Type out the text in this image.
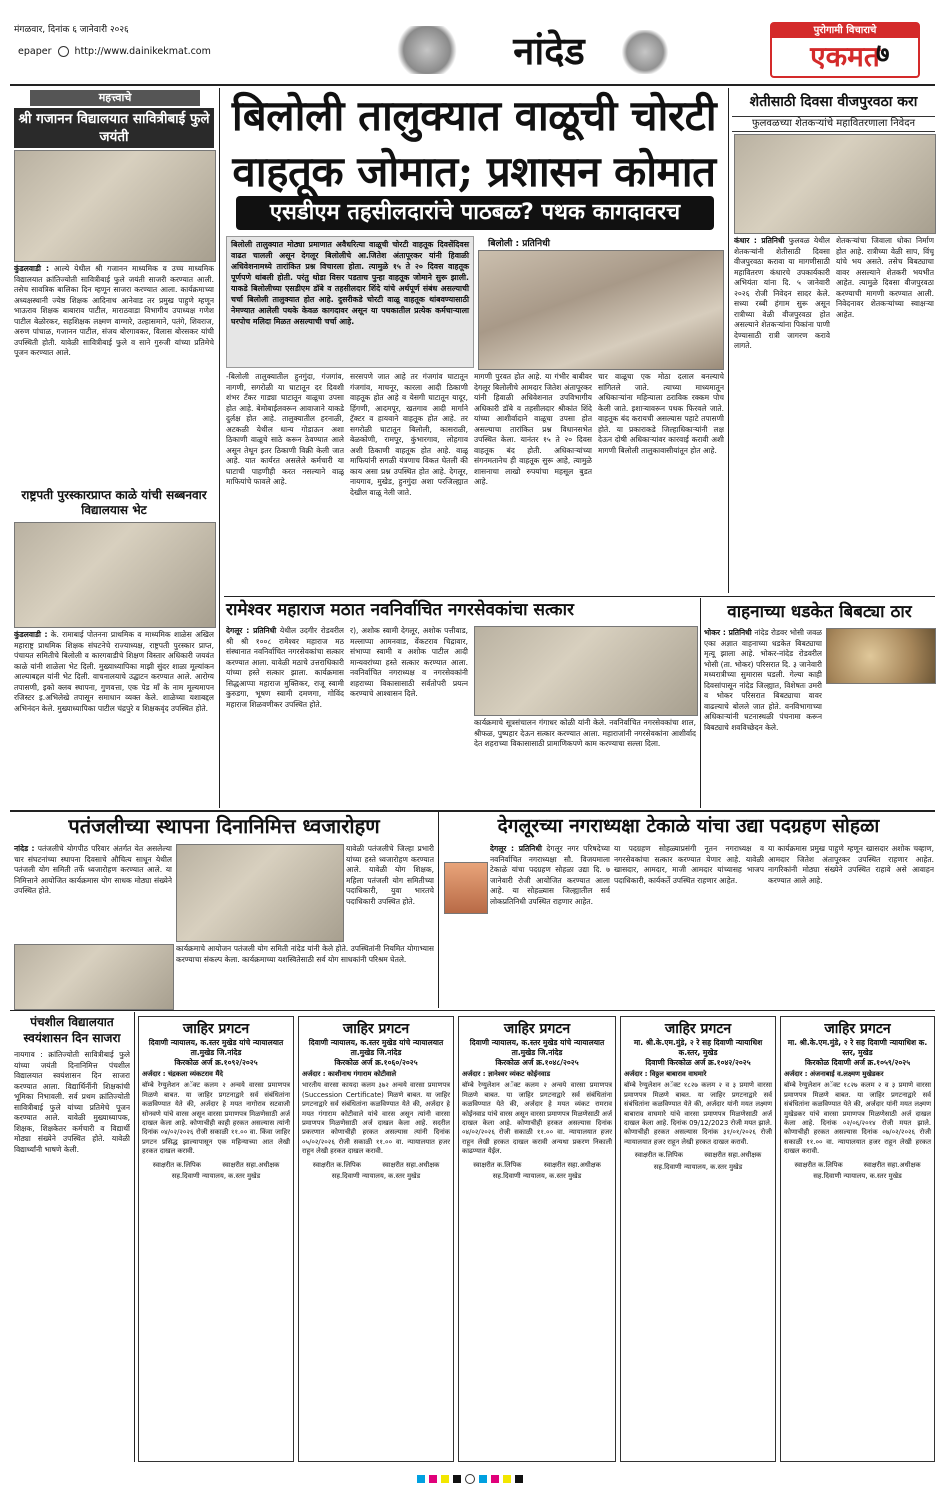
मंगळवार, दिनांक ६ जानेवारी २०२६
epaper http://www.dainikekmat.com	नांदेड	पुरोगामी विचाराचे
एकमत
७
महत्त्वाचे
श्री गजानन विद्यालयात सावित्रीबाई फुले जयंती
कुंडलवाडी : आल्ये येथील श्री गजानन माध्यमिक व उच्च माध्यमिक विद्यालयात क्रांतिज्योती सावित्रीबाई फुले जयंती साजरी करण्यात आली. तसेच सावत्रिक बालिका दिन म्हणून साजरा करण्यात आला. कार्यक्रमाच्या अध्यक्षस्थानी ज्येष्ठ शिक्षक आदिनाथ आनेवाड तर प्रमुख पाहुणे म्हणून भाऊराव शिक्षक बाबाराव पाटील, माराठवाडा विभागीय उपाध्यक्ष गणेश पाटील बेळोरकर, सहशिक्षक लक्ष्मण वाग्मारे, उल्हासमाने, पतंगे, शिवराज, अरुण पांचाळ, गजानन पाटील, संजय बोरगावकर, विलास बोरसकर यांची उपस्थिती होती. यावेळी सावित्रीबाई फुले व साने गुरुजी यांच्या प्रतिमेचे पूजन करण्यात आले.
राष्ट्रपती पुरस्कारप्राप्त काळे यांची सब्बनवार विद्यालयास भेट
कुंडलवाडी : के. रामाबाई पोतनना प्राथमिक व माध्यमिक शाळेस अखिल महाराष्ट्र प्राथमिक शिक्षक संघटनेचे राज्याध्यक्ष, राष्ट्रपती पुरस्कार प्राप्त, पंचायत समितीचे बिलोली व कारगवाडीचे शिक्षण विस्तार अधिकारी जयवंत काळे यांनी शाळेला भेट दिली. मुख्याध्यापिका माझी सुंदर शाळा मूल्यांकन आल्याबद्दल यांनी भेट दिली. वाचनालयाचे उद्घाटन करण्यात आले. आरोग्य तपासणी, इको क्लब स्थापना, गुणवत्ता, एक पेड माँ के नाम मूल्यमापन रजिस्टर इ.अभिलेखे तपासून समाधान व्यक्त केले. शाळेच्या यशाबद्दल अभिनंदन केले. मुख्याध्यापिका पाटील चंद्रपुरे व शिक्षकवृंद उपस्थित होते.
बिलोली तालुक्यात वाळूची चोरटी
वाहतूक जोमात; प्रशासन कोमात
एसडीएम तहसीलदारांचे पाठबळ? पथक कागदावरच
बिलोली तालुक्यात मोठ्या प्रमाणात अवैधरित्या वाळूची चोरटी वाहतूक दिवसेंदिवस वाढत चालली असून देगलूर बिलोलीचे आ.जितेश अंतापूरकर यांनी हिवाळी अधिवेशनामध्ये तारांकित प्रश्न विचारला होता. त्यामुळे १५ ते २० दिवस वाहतूक पूर्णपणे थांबली होती. परंतु थोडा विसर पडताच पुन्हा वाहतूक जोमाने सुरू झाली. याकडे बिलोलीच्या एसडीएम डॉबे व तहसीलदार शिंदे यांचे अर्थपूर्ण संबंध असल्याची चर्चा बिलोली तालुक्यात होत आहे. दुसरीकडे चोरटी वाळू वाहतूक थांबवण्यासाठी नेमण्यात आलेली पथके केवळ कागदावर असून या पथकातील प्रत्येक कर्मचाऱ्याला घरपोच मलिदा मिळत असल्याची चर्चा आहे.
बिलोली : प्रतिनिधी
-बिलोली तालुक्यातील हुनगुंदा, गंजगांव, नागणी, सगरोळी या घाटातून दर दिवशी शंभर टँकर गाड्या घाटातून वाळूचा उपसा होत आहे. बेमोबाईलवरून आवाजाने याकडे दुर्लक्ष होत आहे. तालुक्यातील हरनाळी, अटकळी येथील धान्य गोडाऊन अशा ठिकाणी वाळूचे साठे करून ठेवण्यात आले असून तेथून इतर ठिकाणी विक्री केली जात आहे. यात कार्यरत असलेले कर्मचारी या घाटाची पाहणीही करत नसल्याने वाळू माफियांचे फावले आहे.
सरसपणे जात आहे तर गंजगांव घाटातून गंजगांव, माचनूर, कारला आदी ठिकाणी वाहतूक होत आहे व येसगी घाटातून यादूर, हिंगणी, आदमपूर, खतगाव आदी मार्गाने ट्रॅक्टर व हायवाने वाहतूक होत आहे. तर सगरोळी घाटातून बिलोली, कासराळी, बेळकोणी, रामपूर, कुंभारगाव, लोहगाव अशी ठिकाणी वाहतूक होत आहे. वाळू माफियांनी सगळी यंत्रणाच विकत घेतली की काय असा प्रश्न उपस्थित होत आहे. देगलूर, नायगाव, मुखेड, हुनगुंदा अशा परजिल्ह्यात देखील वाळू नेली जाते.
मागणी पुरवत होत आहे. या गंभीर बाबीवर देगलूर बिलोलीचे आमदार जितेश अंतापूरकर यांनी हिवाळी अधिवेशनात उपविभागीय अधिकारी डॉबे व तहसीलदार श्रीकांत शिंदे यांच्या आशीर्वादाने वाळूचा उपसा होत असल्याचा तारांकित प्रश्न विधानसभेत उपस्थित केला. यानंतर १५ ते २० दिवस वाहतूक बंद होती. अधिकाऱ्यांच्या संगनमतानेच ही वाहतूक सुरू आहे, त्यामुळे शासनाचा लाखो रुपयांचा महसूल बुडत आहे.
चार वाळूचा एक मोठा दलाल बनल्याचे सांगितले जाते. त्याच्या माध्यमातून अधिकाऱ्यांना महिन्याला ठराविक रक्कम पोच केली जाते. इशाऱ्यावरून पथक फिरवले जाते. वाहतूक बंद करायची असल्यास पहाटे तपासणी होते. या प्रकाराकडे जिल्हाधिकाऱ्यांनी लक्ष देऊन दोषी अधिकाऱ्यांवर कारवाई करावी अशी मागणी बिलोली तालुकावासीयांतून होत आहे.
शेतीसाठी दिवसा वीजपुरवठा करा
फुलवळच्या शेतकऱ्यांचे महावितरणाला निवेदन
कंधार : प्रतिनिधी फुलवळ येथील शेतकऱ्यांनी शेतीसाठी दिवसा वीजपुरवठा करावा या मागणीसाठी महावितरण कंधारचे उपकार्यकारी अभियंता यांना दि. ५ जानेवारी २०२६ रोजी निवेदन सादर केले. सध्या रब्बी हंगाम सुरू असून रात्रीच्या वेळी वीजपुरवठा होत असल्याने शेतकऱ्यांना पिकांना पाणी देण्यासाठी रात्री जागरण करावे लागते.
शेतकऱ्यांचा जिवाला धोका निर्माण होत आहे. रात्रीच्या वेळी साप, विंचू यांचे भय असते. तसेच बिबट्याचा वावर असल्याने शेतकरी भयभीत आहेत. त्यामुळे दिवसा वीजपुरवठा करण्याची मागणी करण्यात आली. निवेदनावर शेतकऱ्यांच्या स्वाक्षऱ्या आहेत.
रामेश्वर महाराज मठात नवनिर्वाचित नगरसेवकांचा सत्कार
देगलूर : प्रतिनिधी येथील उदगीर रोडवरील श्री श्री १००८ रामेश्वर महाराज मठ संस्थानात नवनिर्वाचित नगरसेवकांचा सत्कार करण्यात आला. यावेळी मठाचे उत्तराधिकारी यांच्या हस्ते सत्कार झाला. कार्यक्रमास सिद्धआप्पा महाराज मुक्तिकर, राजू स्वामी कुरुडगा, भूषण स्वामी दमणगा, गोविंद महाराज शिळवणीकर उपस्थित होते.
र), अशोक स्वामी देगलूर, अशोक पत्तीवाड, मल्लाप्पा आमनवाड, वेंकटराव चिद्रावार, संभाप्पा स्वामी व अशोक पाटील आदी मान्यवरांच्या हस्ते सत्कार करण्यात आला. नवनिर्वाचित नगराध्यक्ष व नगरसेवकांनी शहराच्या विकासासाठी सर्वतोपरी प्रयत्न करण्याचे आश्वासन दिले.
कार्यक्रमाचे सूत्रसंचालन गंगाधर कोळी यांनी केले. नवनिर्वाचित नगरसेवकांचा शाल, श्रीफळ, पुष्पहार देऊन सत्कार करण्यात आला. महाराजांनी नगरसेवकांना आशीर्वाद देत शहराच्या विकासासाठी प्रामाणिकपणे काम करण्याचा सल्ला दिला.
वाहनाच्या धडकेत बिबट्या ठार
भोकर : प्रतिनिधी नांदेड रोडवर भोसी जवळ एका अज्ञात वाहनाच्या धडकेत बिबट्याचा मृत्यू झाला आहे. भोकर-नांदेड रोडवरील भोसी (ता. भोकर) परिसरात दि. ३ जानेवारी मध्यरात्रीच्या सुमारास घडली. गेल्या काही दिवसांपासून नांदेड जिल्ह्यात, विशेषतः उमरी व भोकर परिसरात बिबट्याचा वावर वाढल्याचे बोलले जात होते. वनविभागाच्या अधिकाऱ्यांनी घटनास्थळी पंचनामा करून बिबट्याचे शवविच्छेदन केले.
पतंजलीच्या स्थापना दिनानिमित्त ध्वजारोहण
नांदेड : पतंजलीचे योगपीठ परिवार अंतर्गत येत असलेल्या चार संघटनांच्या स्थापना दिवसाचे औचित्य साधून येथील पतंजली योग समिती तर्फे ध्वजारोहण करण्यात आले. या निमित्ताने आयोजित कार्यक्रमास योग साधक मोठ्या संख्येने उपस्थित होते.
यावेळी पतंजलीचे जिल्हा प्रभारी यांच्या हस्ते ध्वजारोहण करण्यात आले. यावेळी योग शिक्षक, महिला पतंजली योग समितीच्या पदाधिकारी, युवा भारतचे पदाधिकारी उपस्थित होते.
कार्यक्रमाचे आयोजन पतंजली योग समिती नांदेड यांनी केले होते. उपस्थितांनी नियमित योगाभ्यास करण्याचा संकल्प केला. कार्यक्रमाच्या यशस्वितेसाठी सर्व योग साधकांनी परिश्रम घेतले.
देगलूरच्या नगराध्यक्षा टेकाळे यांचा उद्या पदग्रहण सोहळा
देगलूर : प्रतिनिधी देगलूर नगर परिषदेच्या नवनिर्वाचित नगराध्यक्षा सौ. विजयमाला टेकाळे यांचा पदग्रहण सोहळा उद्या दि. ७ जानेवारी रोजी आयोजित करण्यात आला आहे. या सोहळ्यास जिल्ह्यातील सर्व लोकप्रतिनिधी उपस्थित राहणार आहेत.
या पदग्रहण सोहळ्याप्रसंगी नूतन नगराध्यक्ष व नगरसेवकांचा सत्कार करण्यात येणार आहे. यावेळी खासदार, आमदार, माजी आमदार यांच्यासह भाजप पदाधिकारी, कार्यकर्ते उपस्थित राहणार आहेत.
या कार्यक्रमास प्रमुख पाहुणे म्हणून खासदार अशोक चव्हाण, आमदार जितेश अंतापूरकर उपस्थित राहणार आहेत. नागरिकांनी मोठ्या संख्येने उपस्थित राहावे असे आवाहन करण्यात आले आहे.
पंचशील विद्यालयात स्वयंशासन दिन साजरा
नायगाव : क्रांतिज्योती सावित्रीबाई फुले यांच्या जयंती दिनानिमित्त पंचशील विद्यालयात स्वयंशासन दिन साजरा करण्यात आला. विद्यार्थिनींनी शिक्षकांची भूमिका निभावली. सर्व प्रथम क्रांतिज्योती सावित्रीबाई फुले यांच्या प्रतिमेचे पूजन करण्यात आले. यावेळी मुख्याध्यापक, शिक्षक, शिक्षकेतर कर्मचारी व विद्यार्थी मोठ्या संख्येने उपस्थित होते. यावेळी विद्यार्थ्यांनी भाषणे केली.
जाहिर प्रगटन
दिवाणी न्यायालय, क.स्तर मुखेड यांचे न्यायालयात ता.मुखेड जि.नांदेड
किरकोळ अर्ज क्र.१०९२/२०२५
अर्जदार : चंद्रकला व्यंकटराव मैंदे
बॉम्बे रेग्युलेशन अॅक्ट कलम २ अन्वये वारसा प्रमाणपत्र मिळणे बाबत. या जाहिर प्रगटनाद्वारे सर्व संबंधितांना कळविण्यात येते की, अर्जदार हे मयत नागोराव सटवाजी सोनवणे यांचे वारस असून वारसा प्रमाणपत्र मिळणेसाठी अर्ज दाखल केला आहे. कोणाचीही काही हरकत असल्यास त्यांनी दिनांक ०४/०२/२०२६ रोजी सकाळी ११.०० वा. किंवा जाहिर प्रगटन प्रसिद्ध झाल्यापासून एक महिन्याच्या आत लेखी हरकत दाखल करावी.
स्वाक्षरीत क.लिपिक	स्वाक्षरीत सहा.अधीक्षक
सह.दिवाणी न्यायालय, क.स्तर मुखेड
जाहिर प्रगटन
दिवाणी न्यायालय, क.स्तर मुखेड यांचे न्यायालयात ता.मुखेड जि.नांदेड
किरकोळ अर्ज क्र.१०६०/२०२५
अर्जदार : काशीनाथ गंगाराम कोटीवाले
भारतीय वारसा कायदा कलम ३७२ अन्वये वारसा प्रमाणपत्र (Succession Certificate) मिळणे बाबत. या जाहिर प्रगटनाद्वारे सर्व संबंधितांना कळविण्यात येते की, अर्जदार हे मयत गंगाराम कोटीवाले यांचे वारस असून त्यांनी वारसा प्रमाणपत्र मिळणेसाठी अर्ज दाखल केला आहे. सदरील प्रकरणात कोणाचीही हरकत असल्यास त्यांनी दिनांक ०५/०२/२०२६ रोजी सकाळी ११.०० वा. न्यायालयात हजर राहून लेखी हरकत दाखल करावी.
स्वाक्षरीत क.लिपिक	स्वाक्षरीत सहा.अधीक्षक
सह.दिवाणी न्यायालय, क.स्तर मुखेड
जाहिर प्रगटन
दिवाणी न्यायालय, क.स्तर मुखेड यांचे न्यायालयात ता.मुखेड जि.नांदेड
किरकोळ अर्ज क्र.१०४८/२०२५
अर्जदार : ज्ञानेश्वर व्यंकट कोईनवाड
बॉम्बे रेग्युलेशन अॅक्ट कलम २ अन्वये वारसा प्रमाणपत्र मिळणे बाबत. या जाहिर प्रगटनाद्वारे सर्व संबंधितांना कळविण्यात येते की, अर्जदार हे मयत व्यंकट रामराव कोईनवाड यांचे वारस असून वारसा प्रमाणपत्र मिळणेसाठी अर्ज दाखल केला आहे. कोणाचीही हरकत असल्यास दिनांक ०४/०२/२०२६ रोजी सकाळी ११.०० वा. न्यायालयात हजर राहून लेखी हरकत दाखल करावी अन्यथा प्रकरण निकाली काढण्यात येईल.
स्वाक्षरीत क.लिपिक	स्वाक्षरीत सहा.अधीक्षक
सह.दिवाणी न्यायालय, क.स्तर मुखेड
जाहिर प्रगटन
मा. श्री.के.एम.मुंडे, २ रे सह दिवाणी न्यायाधिश क.स्तर, मुखेड
दिवाणी किरकोळ अर्ज क्र.१०४२/२०२५
अर्जदार : विठ्ठल बाबाराव वाघमारे
बॉम्बे रेग्युलेशन अॅक्ट १८२७ कलम २ व ३ प्रमाणे वारसा प्रमाणपत्र मिळणे बाबत. या जाहिर प्रगटनाद्वारे सर्व संबंधितांना कळविण्यात येते की, अर्जदार यांनी मयत लक्ष्मण बाबाराव वाघमारे यांचे वारसा प्रमाणपत्र मिळणेसाठी अर्ज दाखल केला आहे. दिनांक 09/12/2023 रोजी मयत झाले. कोणाचीही हरकत असल्यास दिनांक ३१/०१/२०२६ रोजी न्यायालयात हजर राहून लेखी हरकत दाखल करावी.
स्वाक्षरीत क.लिपिक	स्वाक्षरीत सहा.अधीक्षक
सह.दिवाणी न्यायालय, क.स्तर मुखेड
जाहिर प्रगटन
मा. श्री.के.एम.मुंडे, २ रे सह दिवाणी न्यायाधिश क. स्तर, मुखेड
किरकोळ दिवाणी अर्ज क्र.१०५९/२०२५
अर्जदार : अंजनाबाई व.लक्ष्मण मुखेडकर
बॉम्बे रेग्युलेशन अॅक्ट १८२७ कलम २ व ३ प्रमाणे वारसा प्रमाणपत्र मिळणे बाबत. या जाहिर प्रगटनाद्वारे सर्व संबंधितांना कळविण्यात येते की, अर्जदार यांनी मयत लक्ष्मण मुखेडकर यांचे वारसा प्रमाणपत्र मिळणेसाठी अर्ज दाखल केला आहे. दिनांक ०२/०६/२०१४ रोजी मयत झाले. कोणाचीही हरकत असल्यास दिनांक ०७/०२/२०२६ रोजी सकाळी ११.०० वा. न्यायालयात हजर राहून लेखी हरकत दाखल करावी.
स्वाक्षरीत क.लिपिक	स्वाक्षरीत सहा.अधीक्षक
सह.दिवाणी न्यायालय, क.स्तर मुखेड
